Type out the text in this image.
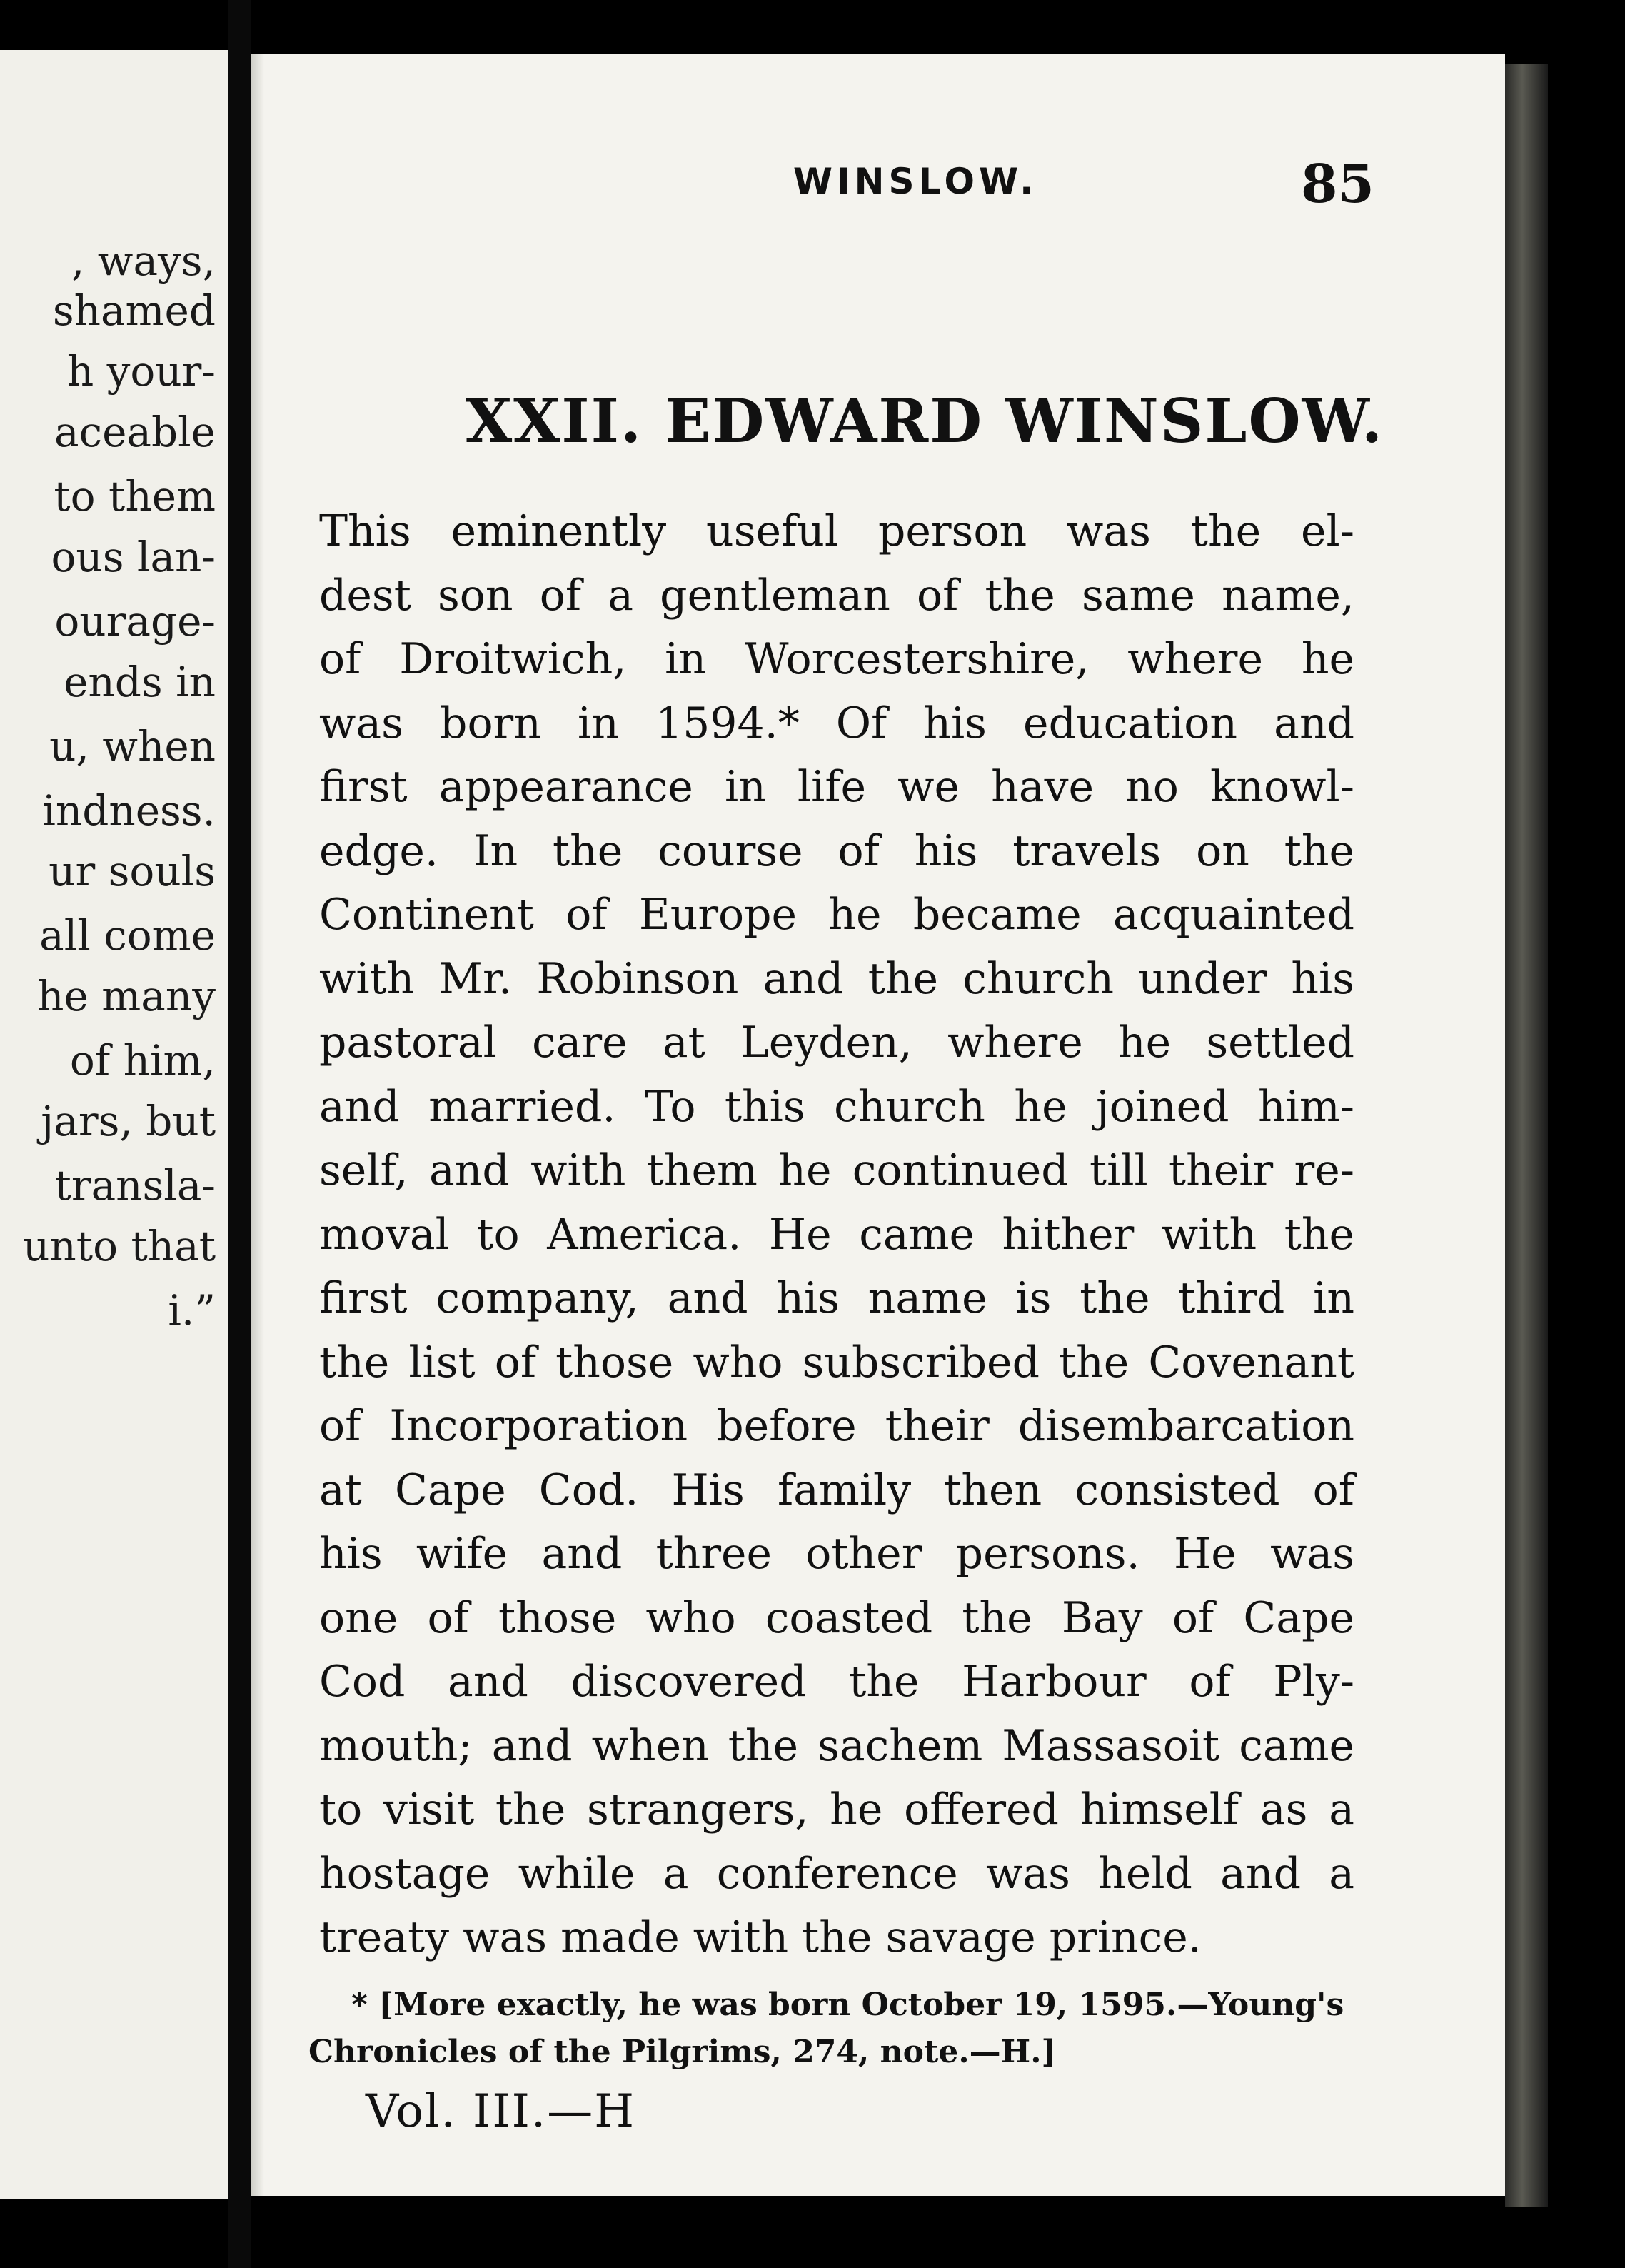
, ways,
shamed
h your-
aceable
to them
ous lan-
ourage-
ends in
u, when
indness.
ur souls
all come
he many
of him,
jars, but
transla-
unto that
i.”
WINSLOW.	85
XXII. EDWARD WINSLOW.
This eminently useful person was the el-
dest son of a gentleman of the same name,
of Droitwich, in Worcestershire, where he
was born in 1594.* Of his education and
first appearance in life we have no knowl-
edge. In the course of his travels on the
Continent of Europe he became acquainted
with Mr. Robinson and the church under his
pastoral care at Leyden, where he settled
and married. To this church he joined him-
self, and with them he continued till their re-
moval to America. He came hither with the
first company, and his name is the third in
the list of those who subscribed the Covenant
of Incorporation before their disembarcation
at Cape Cod. His family then consisted of
his wife and three other persons. He was
one of those who coasted the Bay of Cape
Cod and discovered the Harbour of Ply-
mouth; and when the sachem Massasoit came
to visit the strangers, he offered himself as a
hostage while a conference was held and a
treaty was made with the savage prince.
* [More exactly, he was born October 19, 1595.—Young's
Chronicles of the Pilgrims, 274, note.—H.]
Vol. III.—H
